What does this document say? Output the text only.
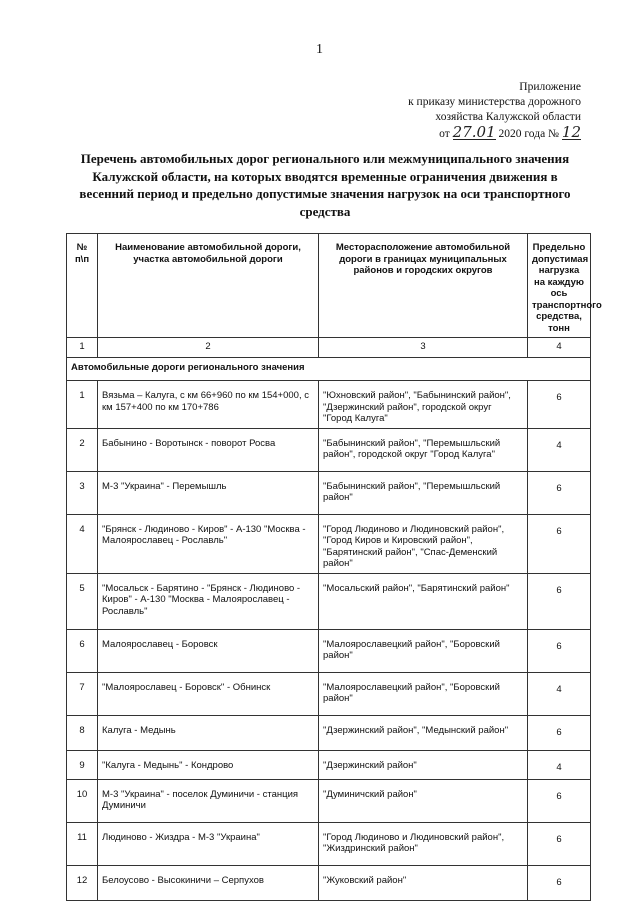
1
Приложение
к приказу министерства дорожного
хозяйства Калужской области
от 27.01 2020 года № 12
Перечень автомобильных дорог регионального или межмуниципального значения Калужской области, на которых вводятся временные ограничения движения в весенний период и предельно допустимые значения нагрузок на оси транспортного средства
№ п\п	Наименование автомобильной дороги, участка автомобильной дороги	Месторасположение автомобильной дороги в границах муниципальных районов и городских округов	Предельно допустимая нагрузка на каждую ось транспортного средства, тонн
1	2	3	4
Автомобильные дороги регионального значения			
1	Вязьма – Калуга, с км 66+960 по км 154+000, с км 157+400 по км 170+786	"Юхновский район", "Бабынинский район", "Дзержинский район", городской округ "Город Калуга"	6
2	Бабынино - Воротынск - поворот Росва	"Бабынинский район", "Перемышльский район", городской округ "Город Калуга"	4
3	М-3 "Украина" - Перемышль	"Бабынинский район", "Перемышльский район"	6
4	"Брянск - Людиново - Киров" - А-130 "Москва - Малоярославец - Рославль"	"Город Людиново и Людиновский район", "Город Киров и Кировский район", "Барятинский район", "Спас-Деменский район"	6
5	"Мосальск - Барятино - "Брянск - Людиново - Киров" - А-130 "Москва - Малоярославец - Рославль"	"Мосальский район", "Барятинский район"	6
6	Малоярославец - Боровск	"Малоярославецкий район", "Боровский район"	6
7	"Малоярославец - Боровск" - Обнинск	"Малоярославецкий район", "Боровский район"	4
8	Калуга - Медынь	"Дзержинский район", "Медынский район"	6
9	"Калуга - Медынь" - Кондрово	"Дзержинский район"	4
10	М-3 "Украина" - поселок Думиничи - станция Думиничи	"Думиничский район"	6
11	Людиново - Жиздра - М-3 "Украина"	"Город Людиново и Людиновский район", "Жиздринский район"	6
12	Белоусово - Высокиничи – Серпухов	"Жуковский район"	6
